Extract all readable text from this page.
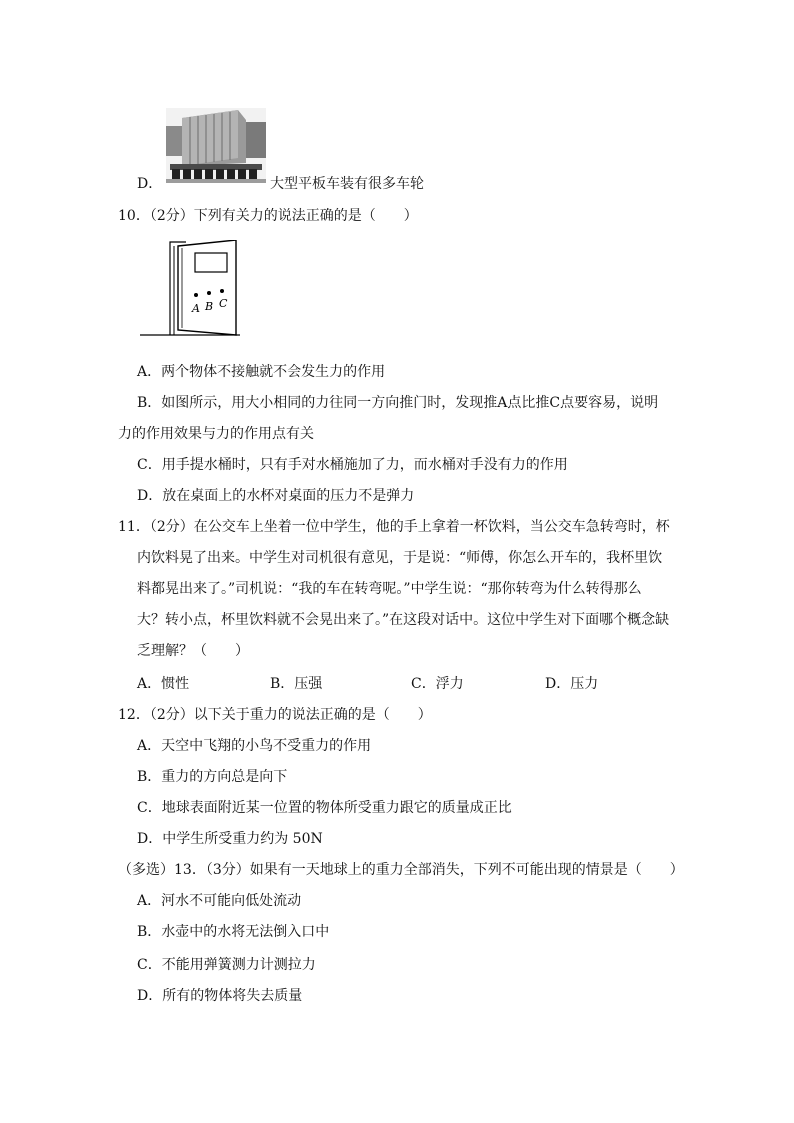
D．	大型平板车装有很多车轮
10．（2分）下列有关力的说法正确的是（　　）
A B C
A．两个物体不接触就不会发生力的作用
B．如图所示，用大小相同的力往同一方向推门时，发现推A点比推C点要容易，说明
力的作用效果与力的作用点有关
C．用手提水桶时，只有手对水桶施加了力，而水桶对手没有力的作用
D．放在桌面上的水杯对桌面的压力不是弹力
11．（2分）在公交车上坐着一位中学生，他的手上拿着一杯饮料，当公交车急转弯时，杯
内饮料晃了出来。中学生对司机很有意见，于是说：“师傅，你怎么开车的，我杯里饮
料都晃出来了。”司机说：“我的车在转弯呢。”中学生说：“那你转弯为什么转得那么
大？转小点，杯里饮料就不会晃出来了。”在这段对话中。这位中学生对下面哪个概念缺
乏理解？（　　）
A．惯性	B．压强	C．浮力	D．压力
12．（2分）以下关于重力的说法正确的是（　　）
A．天空中飞翔的小鸟不受重力的作用
B．重力的方向总是向下
C．地球表面附近某一位置的物体所受重力跟它的质量成正比
D．中学生所受重力约为 50N
（多选）13．（3分）如果有一天地球上的重力全部消失，下列不可能出现的情景是（　　）
A．河水不可能向低处流动
B．水壶中的水将无法倒入口中
C．不能用弹簧测力计测拉力
D．所有的物体将失去质量
